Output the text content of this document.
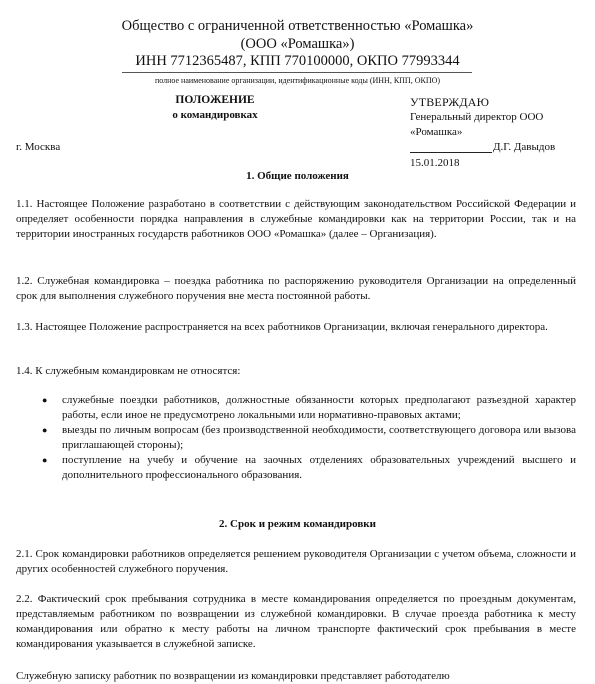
Общество с ограниченной ответственностью «Ромашка»
(ООО «Ромашка»)
ИНН 7712365487, КПП 770100000, ОКПО 77993344
полное наименование организации, идентификационные коды (ИНН, КПП, ОКПО)
ПОЛОЖЕНИЕ
о командировках
УТВЕРЖДАЮ
Генеральный директор ООО
«Ромашка»
Д.Г. Давыдов
15.01.2018
г. Москва
1. Общие положения
1.1. Настоящее Положение разработано в соответствии с действующим законодательством Российской Федерации и определяет особенности порядка направления в служебные командировки как на территории России, так и на территории иностранных государств работников ООО «Ромашка» (далее – Организация).
1.2. Служебная командировка – поездка работника по распоряжению руководителя Организации на определенный срок для выполнения служебного поручения вне места постоянной работы.
1.3. Настоящее Положение распространяется на всех работников Организации, включая генерального директора.
1.4. К служебным командировкам не относятся:
● служебные поездки работников, должностные обязанности которых предполагают разъездной характер работы, если иное не предусмотрено локальными или нормативно-правовых актами;
● выезды по личным вопросам (без производственной необходимости, соответствующего договора или вызова приглашающей стороны);
● поступление на учебу и обучение на заочных отделениях образовательных учреждений высшего и дополнительного профессионального образования.
2. Срок и режим командировки
2.1. Срок командировки работников определяется решением руководителя Организации с учетом объема, сложности и других особенностей служебного поручения.
2.2. Фактический срок пребывания сотрудника в месте командирования определяется по проездным документам, представляемым работником по возвращении из служебной командировки. В случае проезда работника к месту командирования или обратно к месту работы на личном транспорте фактический срок пребывания в месте командирования указывается в служебной записке.
Служебную записку работник по возвращении из командировки представляет работодателю
